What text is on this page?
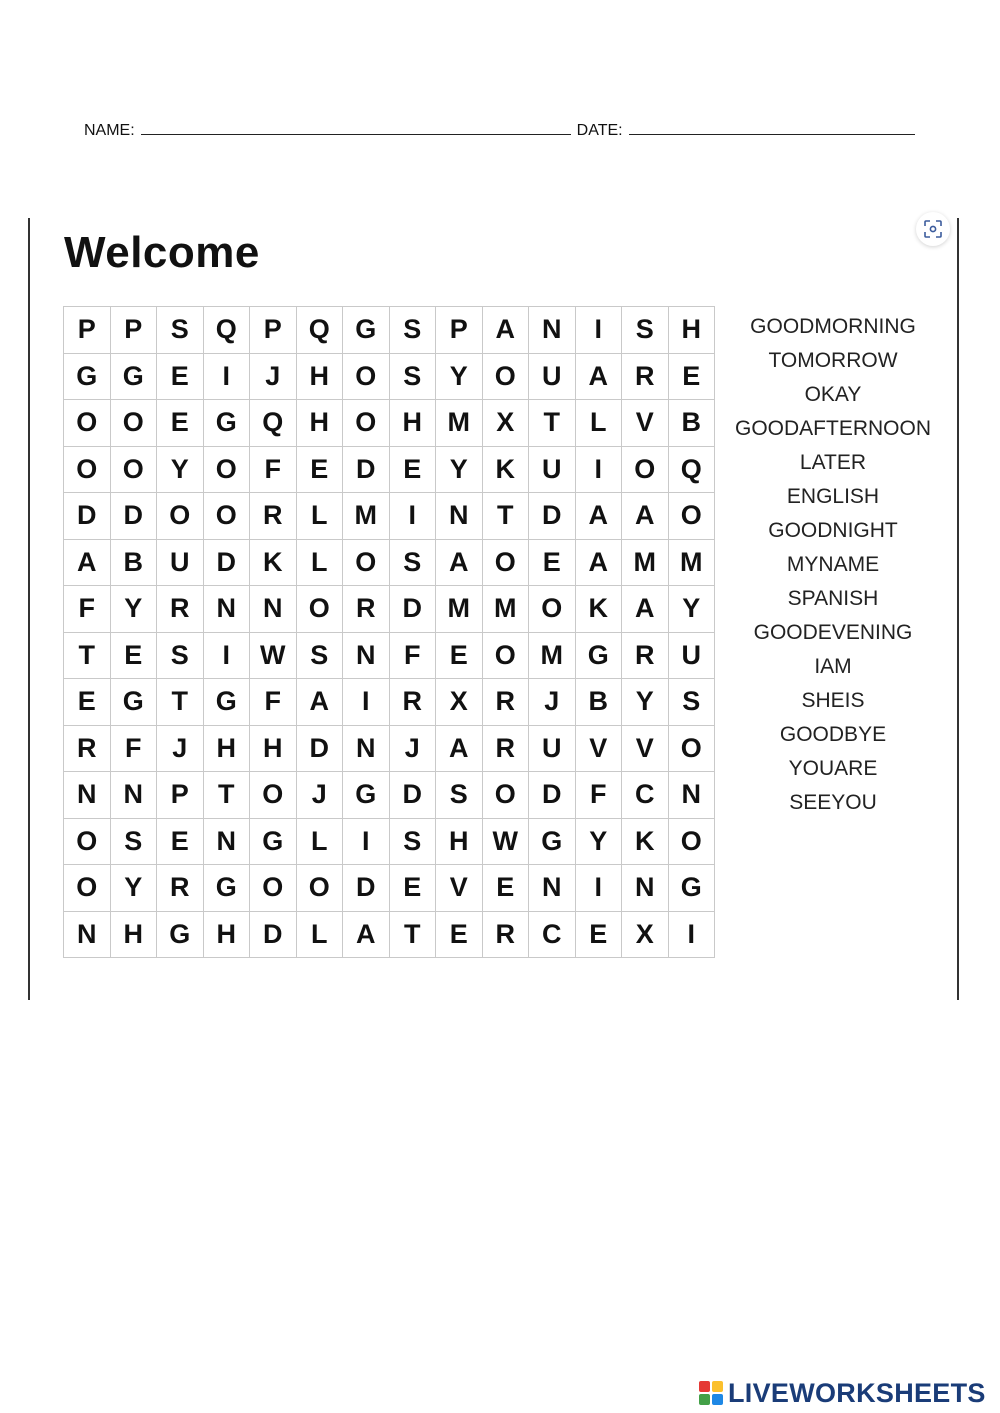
NAME:	DATE:
Welcome
P	P	S	Q	P	Q	G	S	P	A	N	I	S	H
G	G	E	I	J	H	O	S	Y	O	U	A	R	E
O	O	E	G	Q	H	O	H	M	X	T	L	V	B
O	O	Y	O	F	E	D	E	Y	K	U	I	O	Q
D	D	O	O	R	L	M	I	N	T	D	A	A	O
A	B	U	D	K	L	O	S	A	O	E	A	M	M
F	Y	R	N	N	O	R	D	M	M	O	K	A	Y
T	E	S	I	W	S	N	F	E	O	M	G	R	U
E	G	T	G	F	A	I	R	X	R	J	B	Y	S
R	F	J	H	H	D	N	J	A	R	U	V	V	O
N	N	P	T	O	J	G	D	S	O	D	F	C	N
O	S	E	N	G	L	I	S	H	W	G	Y	K	O
O	Y	R	G	O	O	D	E	V	E	N	I	N	G
N	H	G	H	D	L	A	T	E	R	C	E	X	I
GOODMORNING
TOMORROW
OKAY
GOODAFTERNOON
LATER
ENGLISH
GOODNIGHT
MYNAME
SPANISH
GOODEVENING
IAM
SHEIS
GOODBYE
YOUARE
SEEYOU
LIVEWORKSHEETS
